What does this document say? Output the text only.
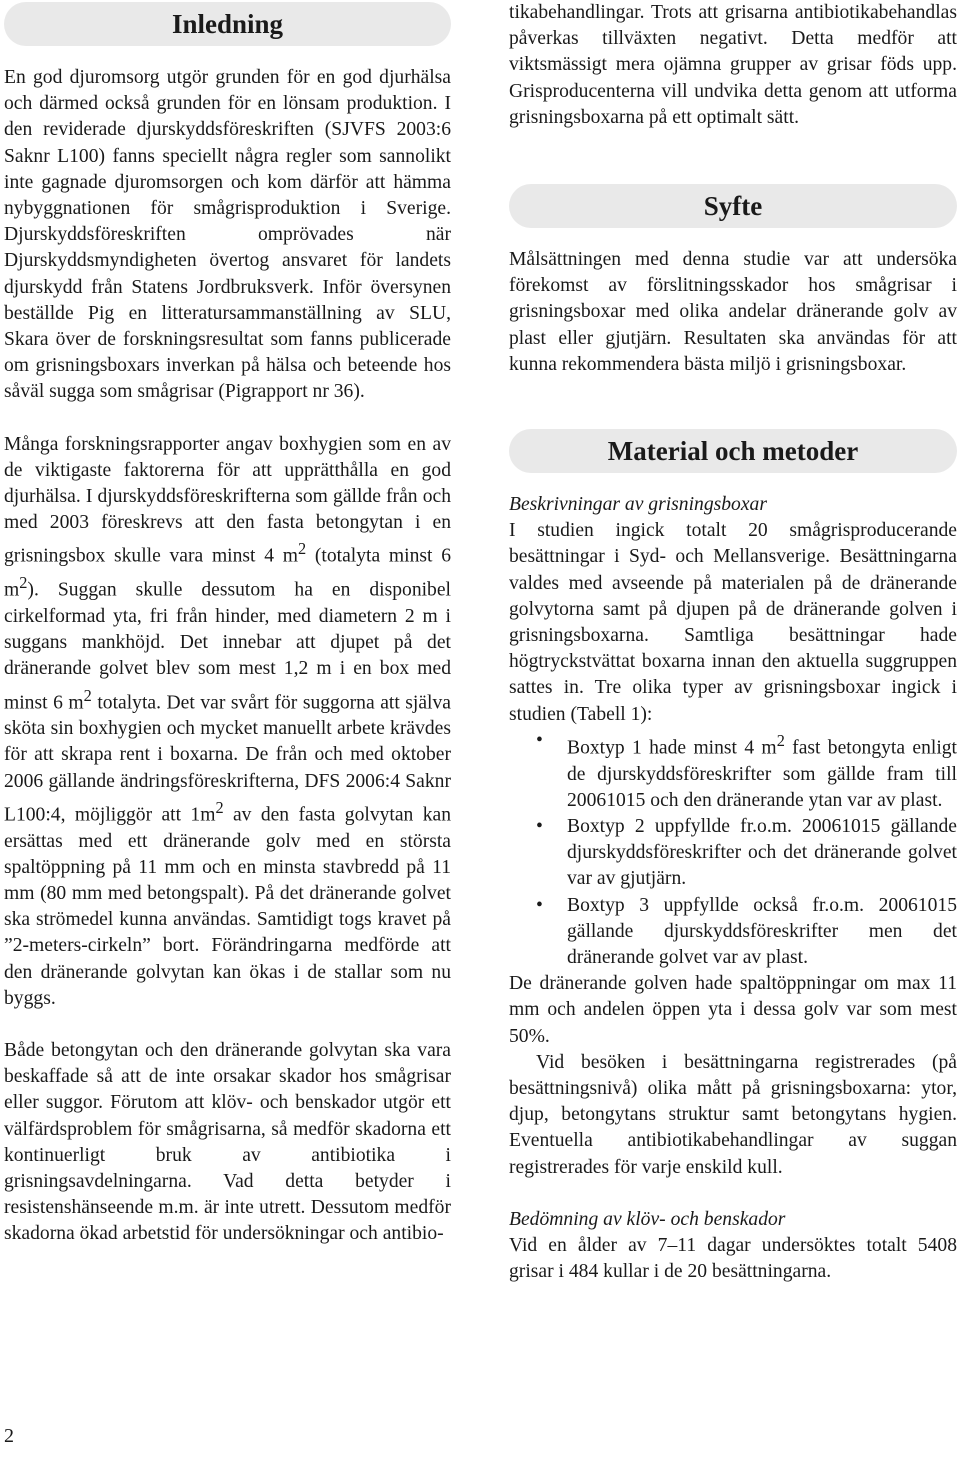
Inledning

En god djuromsorg utgör grunden för en god djurhälsa och därmed också grunden för en lönsam produktion. I den reviderade djurskyddsföreskriften (SJVFS 2003:6 Saknr L100) fanns speciellt några regler som sannolikt inte gagnade djuromsorgen och kom därför att hämma nybyggnationen för smågrisproduktion i Sverige. Djurskyddsföreskriften omprövades när Djurskyddsmyndigheten övertog ansvaret för landets djurskydd från Statens Jordbruksverk. Inför översynen beställde Pig en litteratursammanställning av SLU, Skara över de forskningsresultat som fanns publicerade om grisningsboxars inverkan på hälsa och beteende hos såväl sugga som smågrisar (Pigrapport nr 36).

Många forskningsrapporter angav boxhygien som en av de viktigaste faktorerna för att upprätthålla en god djurhälsa. I djurskyddsföreskrifterna som gällde från och med 2003 föreskrevs att den fasta betongytan i en grisningsbox skulle vara minst 4 $m^2$ (totalyta minst 6 $m^2$). Suggan skulle dessutom ha en disponibel cirkelformad yta, fri från hinder, med diametern 2 m i suggans mankhöjd. Det innebar att djupet på det dränerande golvet blev som mest 1,2 m i en box med minst 6 $m^2$ totalyta. Det var svårt för suggorna att själva sköta sin boxhygien och mycket manuellt arbete krävdes för att skrapa rent i boxarna. De från och med oktober 2006 gällande ändringsföreskrifterna, DFS 2006:4 Saknr L100:4, möjliggör att $1m^2$ av den fasta golvytan kan ersättas med ett dränerande golv med en största spaltöppning på 11 mm och en minsta stavbredd på 11 mm (80 mm med betongspalt). På det dränerande golvet ska strömedel kunna användas. Samtidigt togs kravet på ”2-meters-cirkeln” bort. Förändringarna medförde att den dränerande golvytan kan ökas i de stallar som nu byggs.

Både betongytan och den dränerande golvytan ska vara beskaffade så att de inte orsakar skador hos smågrisar eller suggor. Förutom att klöv- och benskador utgör ett välfärdsproblem för smågrisarna, så medför skadorna ett kontinuerligt bruk av antibiotika i grisningsavdelningarna. Vad detta betyder i resistenshänseende m.m. är inte utrett. Dessutom medför skadorna ökad arbetstid för undersökningar och antibio-

tikabehandlingar. Trots att grisarna antibiotikabehandlas påverkas tillväxten negativt. Detta medför att viktsmässigt mera ojämna grupper av grisar föds upp. Grisproducenterna vill undvika detta genom att utforma grisningsboxarna på ett optimalt sätt.

Syfte

Målsättningen med denna studie var att undersöka förekomst av förslitningsskador hos smågrisar i grisningsboxar med olika andelar dränerande golv av plast eller gjutjärn. Resultaten ska användas för att kunna rekommendera bästa miljö i grisningsboxar.

Material och metoder

Beskrivningar av grisningsboxar

I studien ingick totalt 20 smågrisproducerande besättningar i Syd- och Mellansverige. Besättningarna valdes med avseende på materialen på de dränerande golvytorna samt på djupen på de dränerande golven i grisningsboxarna. Samtliga besättningar hade högtryckstvättat boxarna innan den aktuella suggruppen sattes in. Tre olika typer av grisningsboxar ingick i studien (Tabell 1):

• Boxtyp 1 hade minst 4 $m^2$ fast betongyta enligt de djurskyddsföreskrifter som gällde fram till 20061015 och den dränerande ytan var av plast.
• Boxtyp 2 uppfyllde fr.o.m. 20061015 gällande djurskyddsföreskrifter och det dränerande golvet var av gjutjärn.
• Boxtyp 3 uppfyllde också fr.o.m. 20061015 gällande djurskyddsföreskrifter men det dränerande golvet var av plast.

De dränerande golven hade spaltöppningar om max 11 mm och andelen öppen yta i dessa golv var som mest 50%.

Vid besöken i besättningarna registrerades (på besättningsnivå) olika mått på grisningsboxarna: ytor, djup, betongytans struktur samt betongytans hygien. Eventuella antibiotikabehandlingar av suggan registrerades för varje enskild kull.

Bedömning av klöv- och benskador

Vid en ålder av 7–11 dagar undersöktes totalt 5408 grisar i 484 kullar i de 20 besättningarna.

2
